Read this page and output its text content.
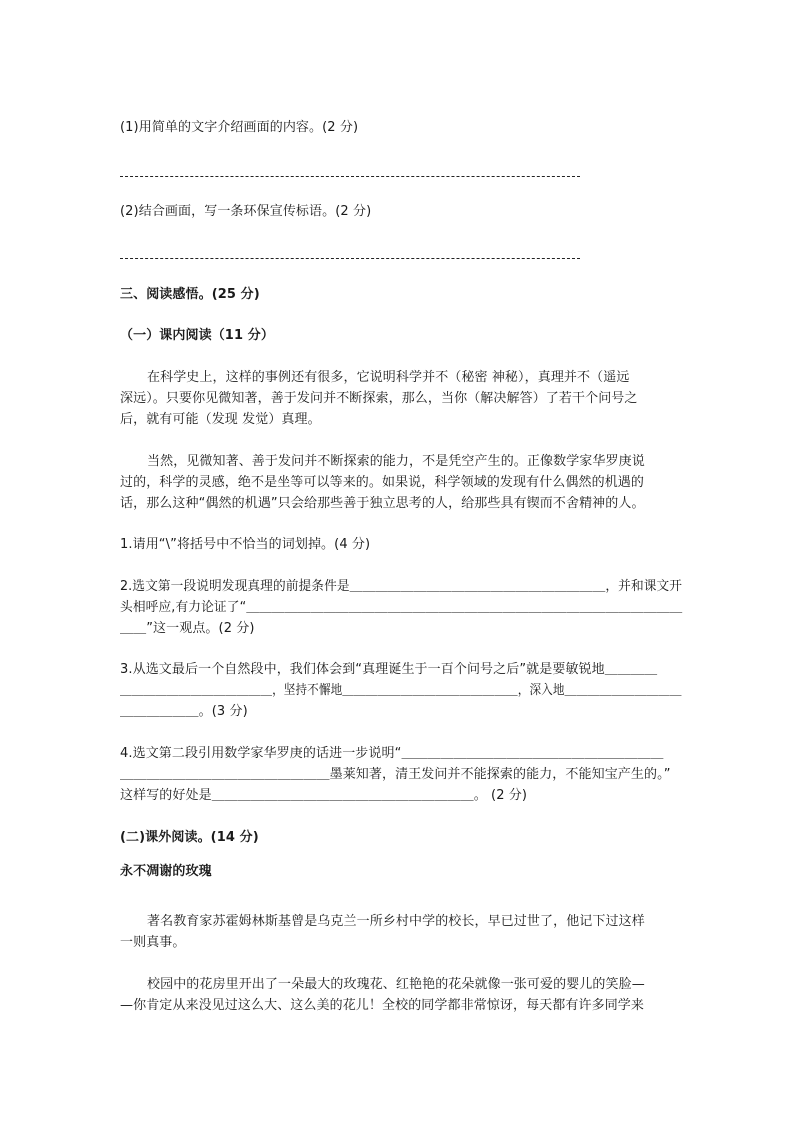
(1)用简单的文字介绍画面的内容。(2 分)
(2)结合画面，写一条环保宣传标语。(2 分)
三、阅读感悟。(25 分)
（一）课内阅读（11 分）
在科学史上，这样的事例还有很多，它说明科学并不（秘密 神秘），真理并不（遥远
深远）。只要你见微知著，善于发问并不断探索，那么，当你（解决解答）了若干个问号之
后，就有可能（发现 发觉）真理。
当然，见微知著、善于发问并不断探索的能力，不是凭空产生的。正像数学家华罗庚说
过的，科学的灵感，绝不是坐等可以等来的。如果说，科学领域的发现有什么偶然的机遇的
话，那么这种“偶然的机遇”只会给那些善于独立思考的人，给那些具有锲而不舍精神的人。
1.请用“\”将括号中不恰当的词划掉。(4 分)
2.选文第一段说明发现真理的前提条件是＿＿＿＿＿＿＿＿＿＿＿＿＿＿＿＿＿＿＿＿，并和课文开
头相呼应,有力论证了“＿＿＿＿＿＿＿＿＿＿＿＿＿＿＿＿＿＿＿＿＿＿＿＿＿＿＿＿＿＿＿＿＿＿
＿＿”这一观点。(2 分)
3.从选文最后一个自然段中，我们体会到“真理诞生于一百个问号之后”就是要敏锐地＿＿＿＿
＿＿＿＿＿＿＿＿＿＿＿＿＿，坚持不懈地＿＿＿＿＿＿＿＿＿＿＿＿＿＿＿，深入地＿＿＿＿＿＿＿＿＿＿
＿＿＿＿＿＿。(3 分)
4.选文第二段引用数学家华罗庚的话进一步说明“＿＿＿＿＿＿＿＿＿＿＿＿＿＿＿＿＿＿＿＿
＿＿＿＿＿＿＿＿＿＿＿＿＿＿＿＿墨莱知著，清王发问并不能探索的能力，不能知宝产生的。”
这样写的好处是＿＿＿＿＿＿＿＿＿＿＿＿＿＿＿＿＿＿＿＿。 (2 分)
(二)课外阅读。(14 分)
永不凋谢的玫瑰
著名教育家苏霍姆林斯基曾是乌克兰一所乡村中学的校长，早已过世了，他记下过这样
一则真事。
校园中的花房里开出了一朵最大的玫瑰花、红艳艳的花朵就像一张可爱的婴儿的笑脸—
—你肯定从来没见过这么大、这么美的花儿！全校的同学都非常惊讶，每天都有许多同学来
